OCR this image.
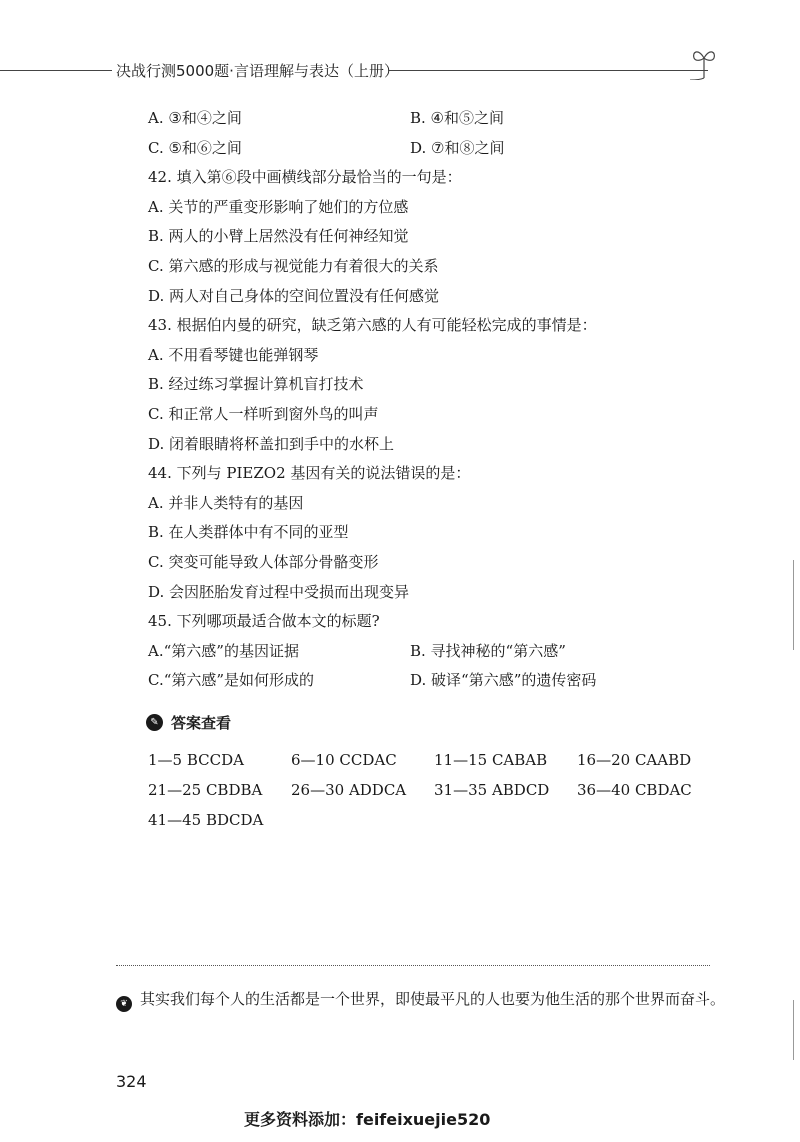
决战行测5000题·言语理解与表达（上册）
A. ③和④之间	B. ④和⑤之间
C. ⑤和⑥之间	D. ⑦和⑧之间
42. 填入第⑥段中画横线部分最恰当的一句是：
A. 关节的严重变形影响了她们的方位感
B. 两人的小臂上居然没有任何神经知觉
C. 第六感的形成与视觉能力有着很大的关系
D. 两人对自己身体的空间位置没有任何感觉
43. 根据伯内曼的研究，缺乏第六感的人有可能轻松完成的事情是：
A. 不用看琴键也能弹钢琴
B. 经过练习掌握计算机盲打技术
C. 和正常人一样听到窗外鸟的叫声
D. 闭着眼睛将杯盖扣到手中的水杯上
44. 下列与 PIEZO2 基因有关的说法错误的是：
A. 并非人类特有的基因
B. 在人类群体中有不同的亚型
C. 突变可能导致人体部分骨骼变形
D. 会因胚胎发育过程中受损而出现变异
45. 下列哪项最适合做本文的标题?
A.“第六感”的基因证据	B. 寻找神秘的“第六感”
C.“第六感”是如何形成的	D. 破译“第六感”的遗传密码
✎ 答案查看
1—5 BCCDA	6—10 CCDAC	11—15 CABAB	16—20 CAABD
21—25 CBDBA	26—30 ADDCA	31—35 ABDCD	36—40 CBDAC
41—45 BDCDA
❦ 其实我们每个人的生活都是一个世界，即使最平凡的人也要为他生活的那个世界而奋斗。
324
更多资料添加：feifeixuejie520
